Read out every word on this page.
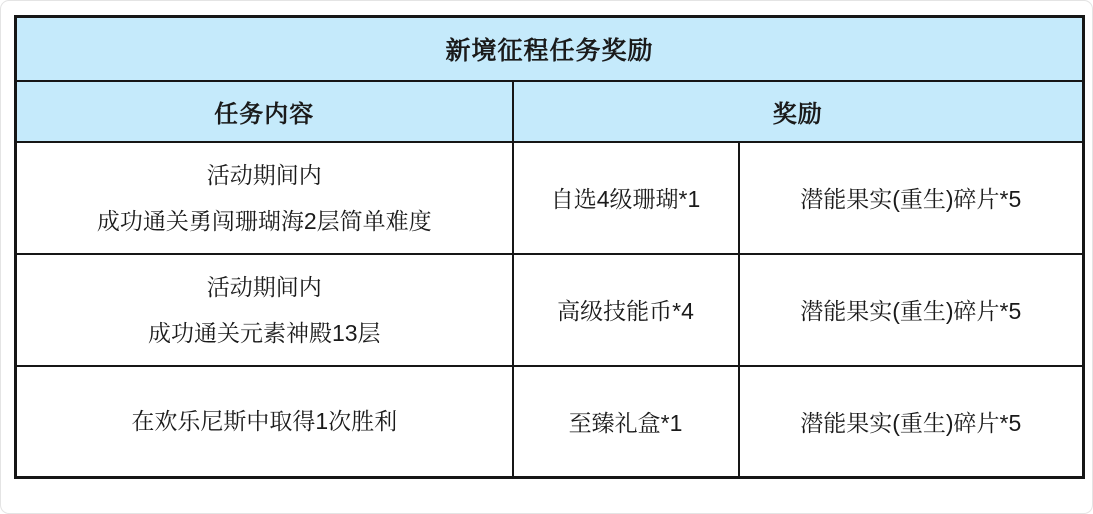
新境征程任务奖励		
任务内容	奖励	

活动期间内
成功通关勇闯珊瑚海2层简单难度	自选4级珊瑚*1	潜能果实(重生)碎片*5

活动期间内
成功通关元素神殿13层	高级技能币*4	潜能果实(重生)碎片*5

在欢乐尼斯中取得1次胜利	至臻礼盒*1	潜能果实(重生)碎片*5
